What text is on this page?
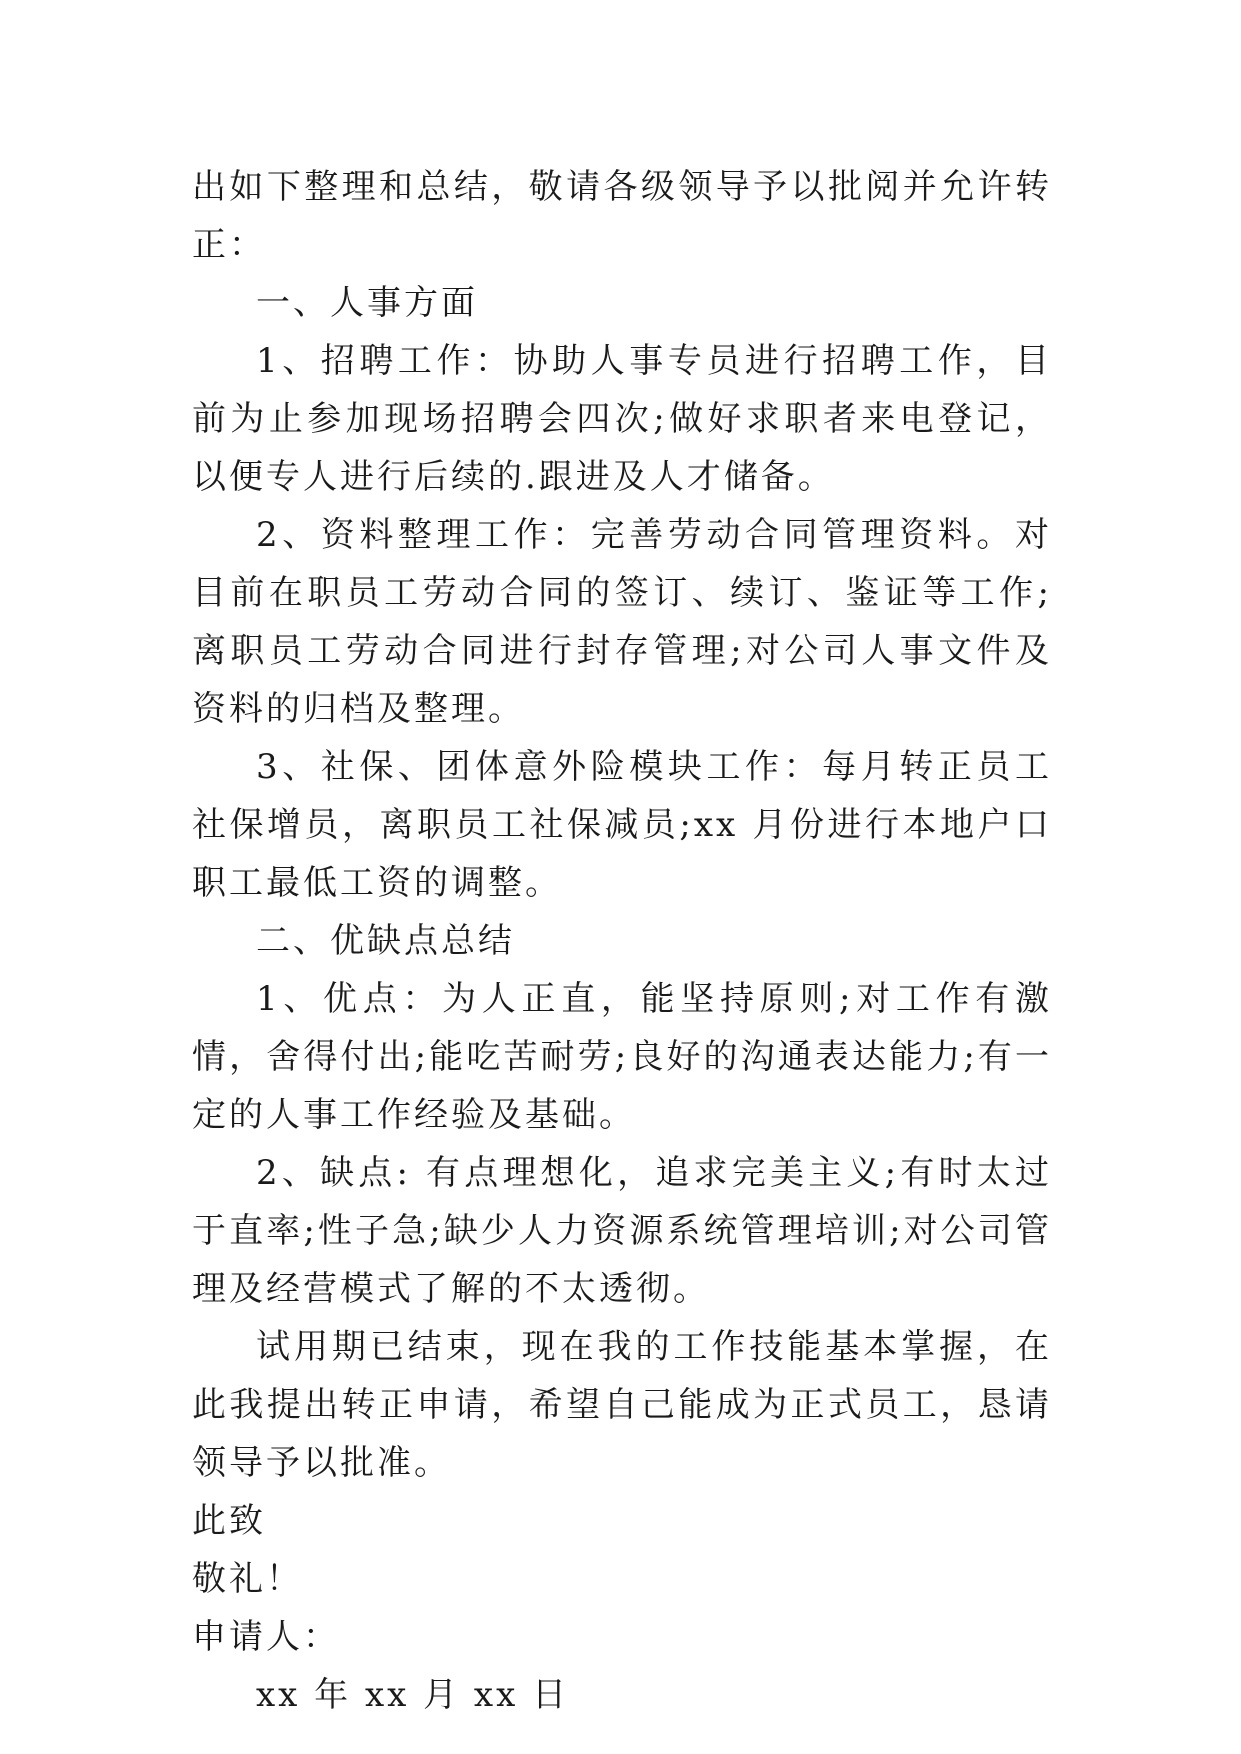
出如下整理和总结，敬请各级领导予以批阅并允许转正：

一、人事方面

1、招聘工作：协助人事专员进行招聘工作，目前为止参加现场招聘会四次;做好求职者来电登记，以便专人进行后续的.跟进及人才储备。

2、资料整理工作：完善劳动合同管理资料。对目前在职员工劳动合同的签订、续订、鉴证等工作;离职员工劳动合同进行封存管理;对公司人事文件及资料的归档及整理。

3、社保、团体意外险模块工作：每月转正员工社保增员，离职员工社保减员;xx 月份进行本地户口职工最低工资的调整。

二、优缺点总结

1、优点：为人正直，能坚持原则;对工作有激情，舍得付出;能吃苦耐劳;良好的沟通表达能力;有一定的人事工作经验及基础。

2、缺点: 有点理想化，追求完美主义;有时太过于直率;性子急;缺少人力资源系统管理培训;对公司管理及经营模式了解的不太透彻。

试用期已结束，现在我的工作技能基本掌握，在此我提出转正申请，希望自己能成为正式员工，恳请领导予以批准。

此致

敬礼！

申请人：

xx 年 xx 月 xx 日
